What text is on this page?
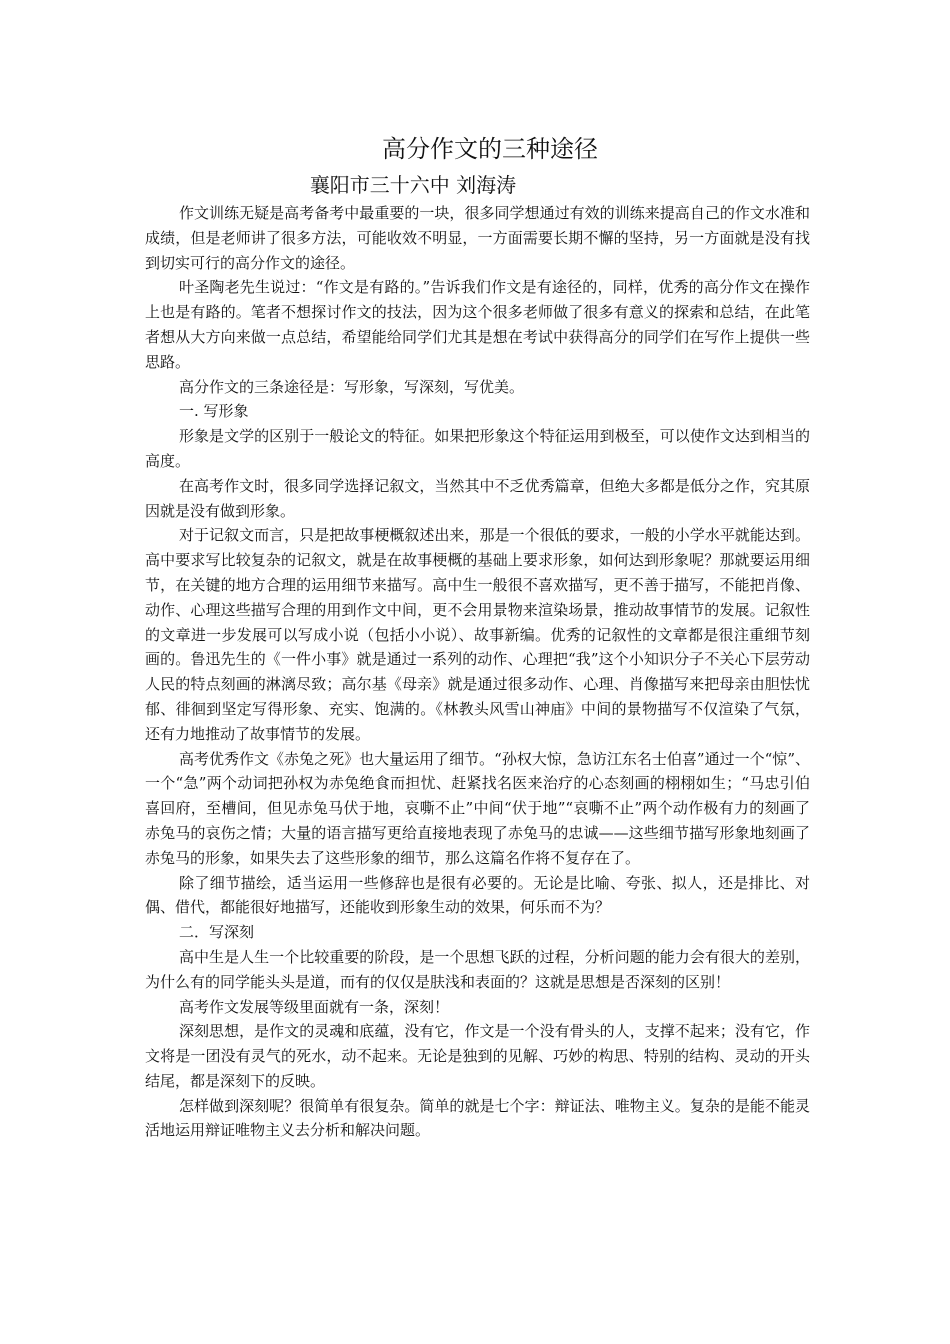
高分作文的三种途径
襄阳市三十六中 刘海涛

作文训练无疑是高考备考中最重要的一块，很多同学想通过有效的训练来提高自己的作文水准和成绩，但是老师讲了很多方法，可能收效不明显，一方面需要长期不懈的坚持，另一方面就是没有找到切实可行的高分作文的途径。

叶圣陶老先生说过：“作文是有路的。”告诉我们作文是有途径的，同样，优秀的高分作文在操作上也是有路的。笔者不想探讨作文的技法，因为这个很多老师做了很多有意义的探索和总结，在此笔者想从大方向来做一点总结，希望能给同学们尤其是想在考试中获得高分的同学们在写作上提供一些思路。

高分作文的三条途径是：写形象，写深刻，写优美。

一. 写形象

形象是文学的区别于一般论文的特征。如果把形象这个特征运用到极至，可以使作文达到相当的高度。

在高考作文时，很多同学选择记叙文，当然其中不乏优秀篇章，但绝大多都是低分之作，究其原因就是没有做到形象。

对于记叙文而言，只是把故事梗概叙述出来，那是一个很低的要求，一般的小学水平就能达到。高中要求写比较复杂的记叙文，就是在故事梗概的基础上要求形象，如何达到形象呢？那就要运用细节，在关键的地方合理的运用细节来描写。高中生一般很不喜欢描写，更不善于描写，不能把肖像、动作、心理这些描写合理的用到作文中间，更不会用景物来渲染场景，推动故事情节的发展。记叙性的文章进一步发展可以写成小说（包括小小说）、故事新编。优秀的记叙性的文章都是很注重细节刻画的。鲁迅先生的《一件小事》就是通过一系列的动作、心理把“我”这个小知识分子不关心下层劳动人民的特点刻画的淋漓尽致；高尔基《母亲》就是通过很多动作、心理、肖像描写来把母亲由胆怯忧郁、徘徊到坚定写得形象、充实、饱满的。《林教头风雪山神庙》中间的景物描写不仅渲染了气氛，还有力地推动了故事情节的发展。

高考优秀作文《赤兔之死》也大量运用了细节。“孙权大惊，急访江东名士伯喜”通过一个“惊”、一个“急”两个动词把孙权为赤兔绝食而担忧、赶紧找名医来治疗的心态刻画的栩栩如生；“马忠引伯喜回府，至槽间，但见赤兔马伏于地，哀嘶不止”中间“伏于地”“哀嘶不止”两个动作极有力的刻画了赤兔马的哀伤之情；大量的语言描写更给直接地表现了赤兔马的忠诚——这些细节描写形象地刻画了赤兔马的形象，如果失去了这些形象的细节，那么这篇名作将不复存在了。

除了细节描绘，适当运用一些修辞也是很有必要的。无论是比喻、夸张、拟人，还是排比、对偶、借代，都能很好地描写，还能收到形象生动的效果，何乐而不为？

二．写深刻

高中生是人生一个比较重要的阶段，是一个思想飞跃的过程，分析问题的能力会有很大的差别，为什么有的同学能头头是道，而有的仅仅是肤浅和表面的？这就是思想是否深刻的区别！

高考作文发展等级里面就有一条，深刻！

深刻思想，是作文的灵魂和底蕴，没有它，作文是一个没有骨头的人，支撑不起来；没有它，作文将是一团没有灵气的死水，动不起来。无论是独到的见解、巧妙的构思、特别的结构、灵动的开头结尾，都是深刻下的反映。

怎样做到深刻呢？很简单有很复杂。简单的就是七个字：辩证法、唯物主义。复杂的是能不能灵活地运用辩证唯物主义去分析和解决问题。
